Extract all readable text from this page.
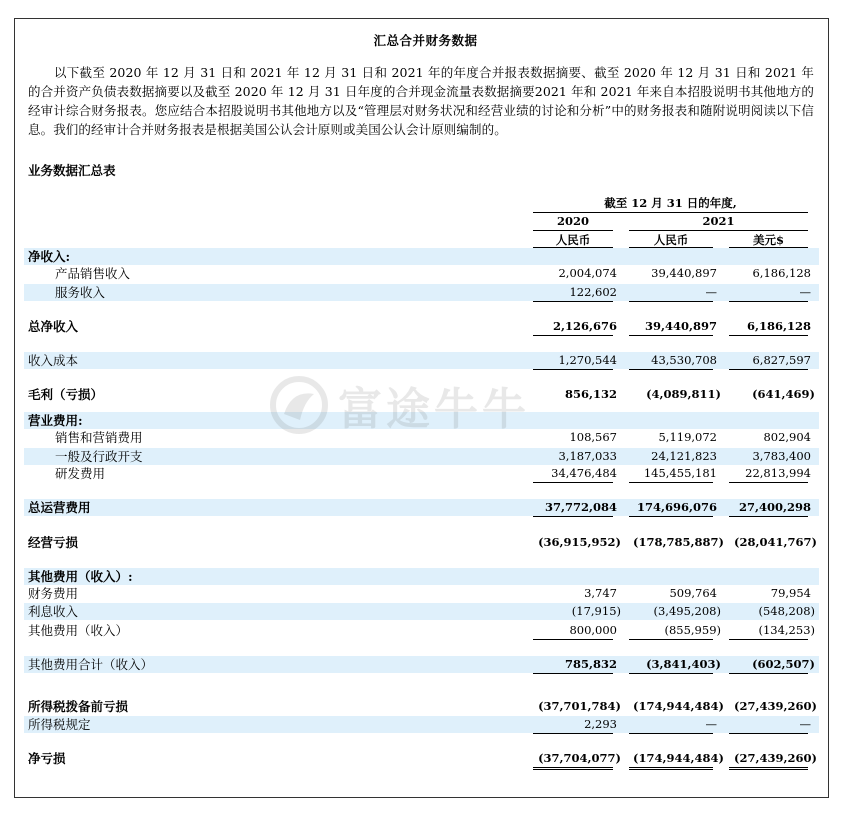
汇总合并财务数据
以下截至 2020 年 12 月 31 日和 2021 年 12 月 31 日和 2021 年的年度合并报表数据摘要、截至 2020 年 12 月 31 日和 2021 年的合并资产负债表数据摘要以及截至 2020 年 12 月 31 日年度的合并现金流量表数据摘要2021 年和 2021 年来自本招股说明书其他地方的经审计综合财务报表。您应结合本招股说明书其他地方以及“管理层对财务状况和经营业绩的讨论和分析”中的财务报表和随附说明阅读以下信息。我们的经审计合并财务报表是根据美国公认会计原则或美国公认会计原则编制的。
业务数据汇总表
截至 12 月 31 日的年度,
2020	2021
人民币	人民币	美元$
净收入:
产品销售收入	2,004,074	39,440,897	6,186,128
服务收入	122,602	—	—
总净收入	2,126,676	39,440,897	6,186,128
收入成本	1,270,544	43,530,708	6,827,597
毛利（亏损）	856,132	(4,089,811)	(641,469)
营业费用:
销售和营销费用	108,567	5,119,072	802,904
一般及行政开支	3,187,033	24,121,823	3,783,400
研发费用	34,476,484	145,455,181	22,813,994
总运营费用	37,772,084	174,696,076	27,400,298
经营亏损	(36,915,952) (178,785,887) (28,041,767)
其他费用（收入）:
财务费用	3,747	509,764	79,954
利息收入	(17,915)	(3,495,208)	(548,208)
其他费用（收入）	800,000	(855,959)	(134,253)
其他费用合计（收入）	785,832	(3,841,403)	(602,507)
所得税拨备前亏损	(37,701,784) (174,944,484) (27,439,260)
所得税规定	2,293	—	—
净亏损	(37,704,077) (174,944,484) (27,439,260)
富途牛牛
